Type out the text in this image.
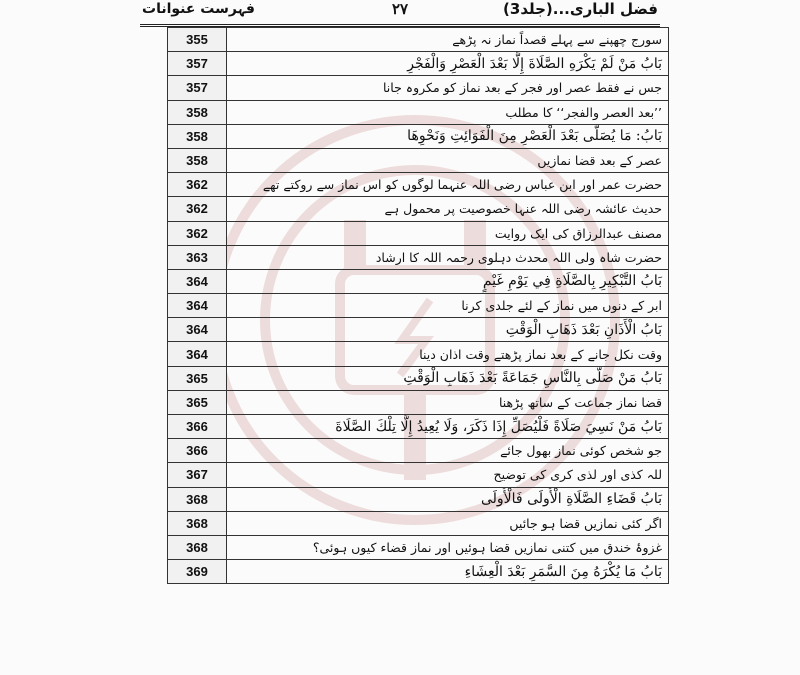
فہرست عنوانات	۲۷	فضل الباری...(جلد3)
355	سورج چھپنے سے پہلے قصداً نماز نہ پڑھے
357	بَابُ مَنْ لَمْ يَكْرَهِ الصَّلَاةَ إِلَّا بَعْدَ الْعَصْرِ وَالْفَجْرِ
357	جس نے فقط عصر اور فجر کے بعد نماز کو مکروہ جانا
358	’’بعد العصر والفجر‘‘ کا مطلب
358	بَابُ: مَا يُصَلَّى بَعْدَ الْعَصْرِ مِنَ الْفَوَائِتِ وَنَحْوِهَا
358	عصر کے بعد قضا نمازیں
362	حضرت عمر اور ابن عباس رضی اللہ عنہما لوگوں کو اس نماز سے روکتے تھے
362	حدیث عائشہ رضی اللہ عنہا خصوصیت پر محمول ہے
362	مصنف عبدالرزاق کی ایک روایت
363	حضرت شاہ ولی اللہ محدث دہلوی رحمہ اللہ کا ارشاد
364	بَابُ التَّبْكِيرِ بِالصَّلَاةِ فِي يَوْمِ غَيْمٍ
364	ابر کے دنوں میں نماز کے لئے جلدی کرنا
364	بَابُ الْأَذَانِ بَعْدَ ذَهَابِ الْوَقْتِ
364	وقت نکل جانے کے بعد نماز پڑھتے وقت اذان دینا
365	بَابُ مَنْ صَلَّى بِالنَّاسِ جَمَاعَةً بَعْدَ ذَهَابِ الْوَقْتِ
365	قضا نماز جماعت کے ساتھ پڑھنا
366	بَابُ مَنْ نَسِيَ صَلَاةً فَلْيُصَلِّ إِذَا ذَكَرَ، وَلَا يُعِيدُ إِلَّا تِلْكَ الصَّلَاةَ
366	جو شخص کوئی نماز بھول جائے
367	للہ کذی اور لذی کری کی توضیح
368	بَابُ قَضَاءِ الصَّلَاةِ الْأُولَى فَالْأُولَى
368	اگر کئی نمازیں قضا ہو جائیں
368	غزوۂ خندق میں کتنی نمازیں قضا ہوئیں اور نماز قضاء کیوں ہوئی؟
369	بَابُ مَا يُكْرَهُ مِنَ السَّمَرِ بَعْدَ الْعِشَاءِ
